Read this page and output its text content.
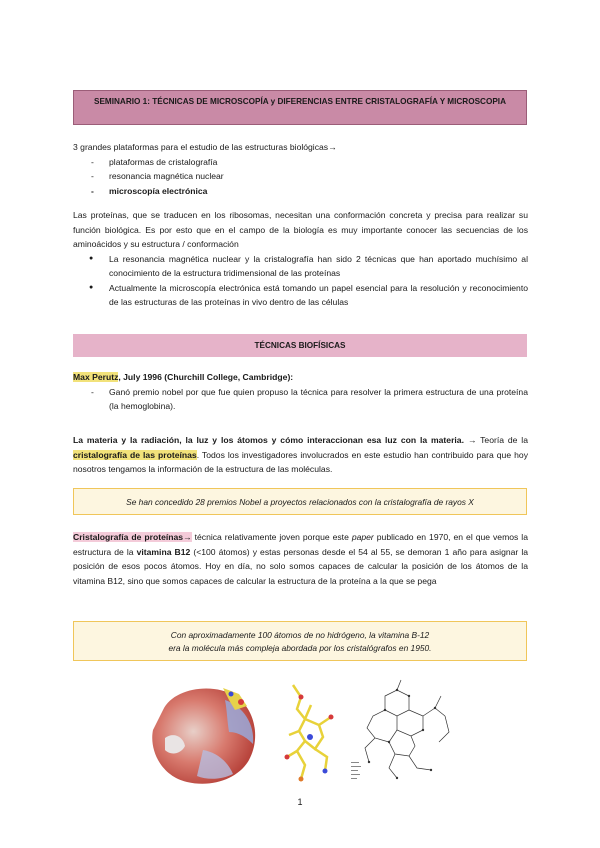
SEMINARIO 1: TÉCNICAS DE MICROSCOPÍA y DIFERENCIAS ENTRE CRISTALOGRAFÍA Y MICROSCOPIA
3 grandes plataformas para el estudio de las estructuras biológicas→
- plataformas de cristalografía
- resonancia magnética nuclear
- microscopía electrónica
Las proteínas, que se traducen en los ribosomas, necesitan una conformación concreta y precisa para realizar su función biológica. Es por esto que en el campo de la biología es muy importante conocer las secuencias de los aminoácidos y su estructura / conformación
● La resonancia magnética nuclear y la cristalografía han sido 2 técnicas que han aportado muchísimo al conocimiento de la estructura tridimensional de las proteínas
● Actualmente la microscopía electrónica está tomando un papel esencial para la resolución y reconocimiento de las estructuras de las proteínas in vivo dentro de las células
TÉCNICAS BIOFÍSICAS
Max Perutz, July 1996 (Churchill College, Cambridge):
- Ganó premio nobel por que fue quien propuso la técnica para resolver la primera estructura de una proteína (la hemoglobina).
La materia y la radiación, la luz y los átomos y cómo interaccionan esa luz con la materia. → Teoría de la cristalografía de las proteínas. Todos los investigadores involucrados en este estudio han contribuido para que hoy nosotros tengamos la información de la estructura de las moléculas.
Se han concedido 28 premios Nobel a proyectos relacionados con la cristalografía de rayos X
Cristalografía de proteínas→ técnica relativamente joven porque este paper publicado en 1970, en el que vemos la estructura de la vitamina B12 (<100 átomos) y estas personas desde el 54 al 55, se demoran 1 año para asignar la posición de esos pocos átomos. Hoy en día, no solo somos capaces de calcular la posición de los átomos de la vitamina B12, sino que somos capaces de calcular la estructura de la proteína a la que se pega
Con aproximadamente 100 átomos de no hidrógeno, la vitamina B-12
era la molécula más compleja abordada por los cristalógrafos en 1950.
1
